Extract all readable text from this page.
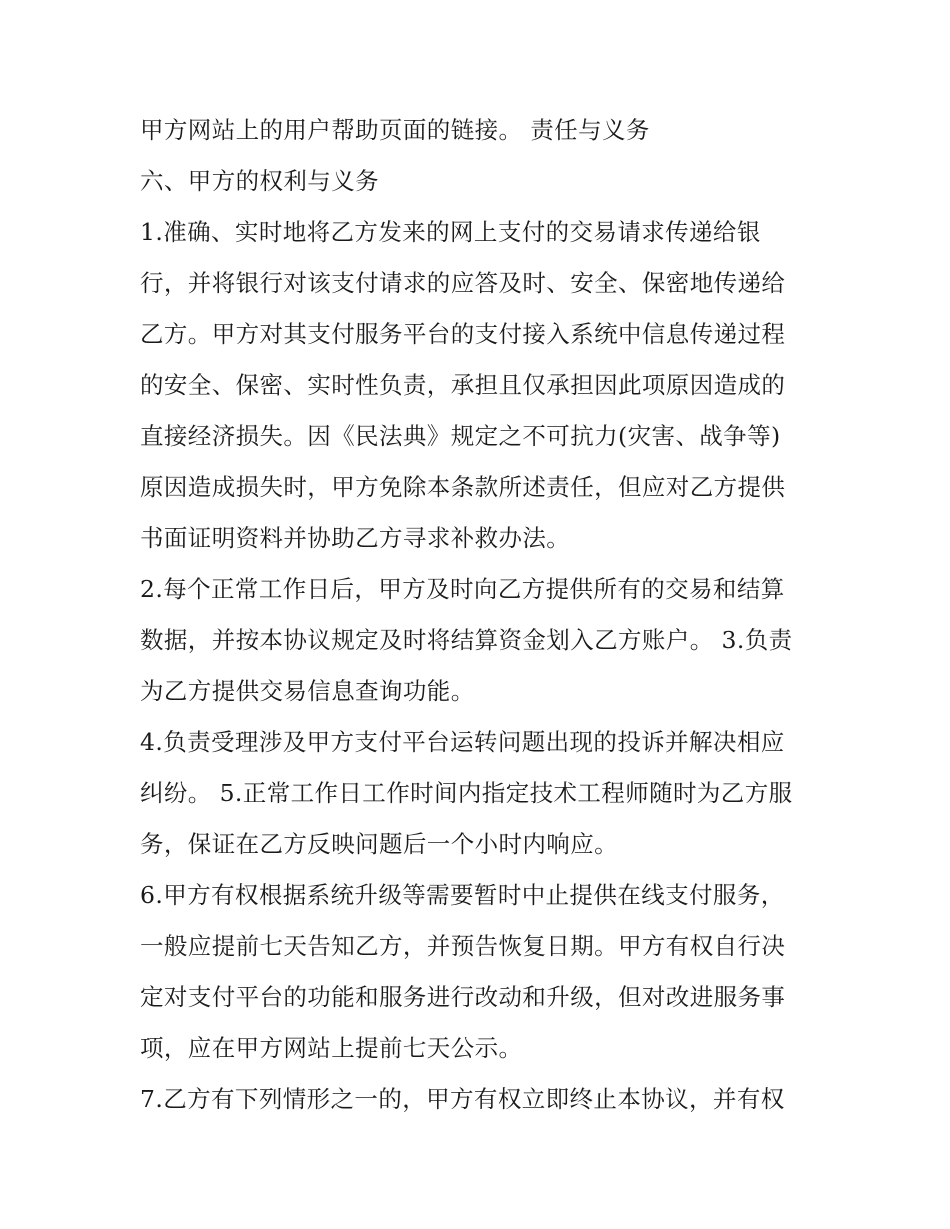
甲方网站上的用户帮助页面的链接。 责任与义务
六、甲方的权利与义务
1.准确、实时地将乙方发来的网上支付的交易请求传递给银
行，并将银行对该支付请求的应答及时、安全、保密地传递给
乙方。甲方对其支付服务平台的支付接入系统中信息传递过程
的安全、保密、实时性负责，承担且仅承担因此项原因造成的
直接经济损失。因《民法典》规定之不可抗力(灾害、战争等)
原因造成损失时，甲方免除本条款所述责任，但应对乙方提供
书面证明资料并协助乙方寻求补救办法。
2.每个正常工作日后，甲方及时向乙方提供所有的交易和结算
数据，并按本协议规定及时将结算资金划入乙方账户。 3.负责
为乙方提供交易信息查询功能。
4.负责受理涉及甲方支付平台运转问题出现的投诉并解决相应
纠纷。 5.正常工作日工作时间内指定技术工程师随时为乙方服
务，保证在乙方反映问题后一个小时内响应。
6.甲方有权根据系统升级等需要暂时中止提供在线支付服务，
一般应提前七天告知乙方，并预告恢复日期。甲方有权自行决
定对支付平台的功能和服务进行改动和升级，但对改进服务事
项，应在甲方网站上提前七天公示。
7.乙方有下列情形之一的，甲方有权立即终止本协议，并有权
